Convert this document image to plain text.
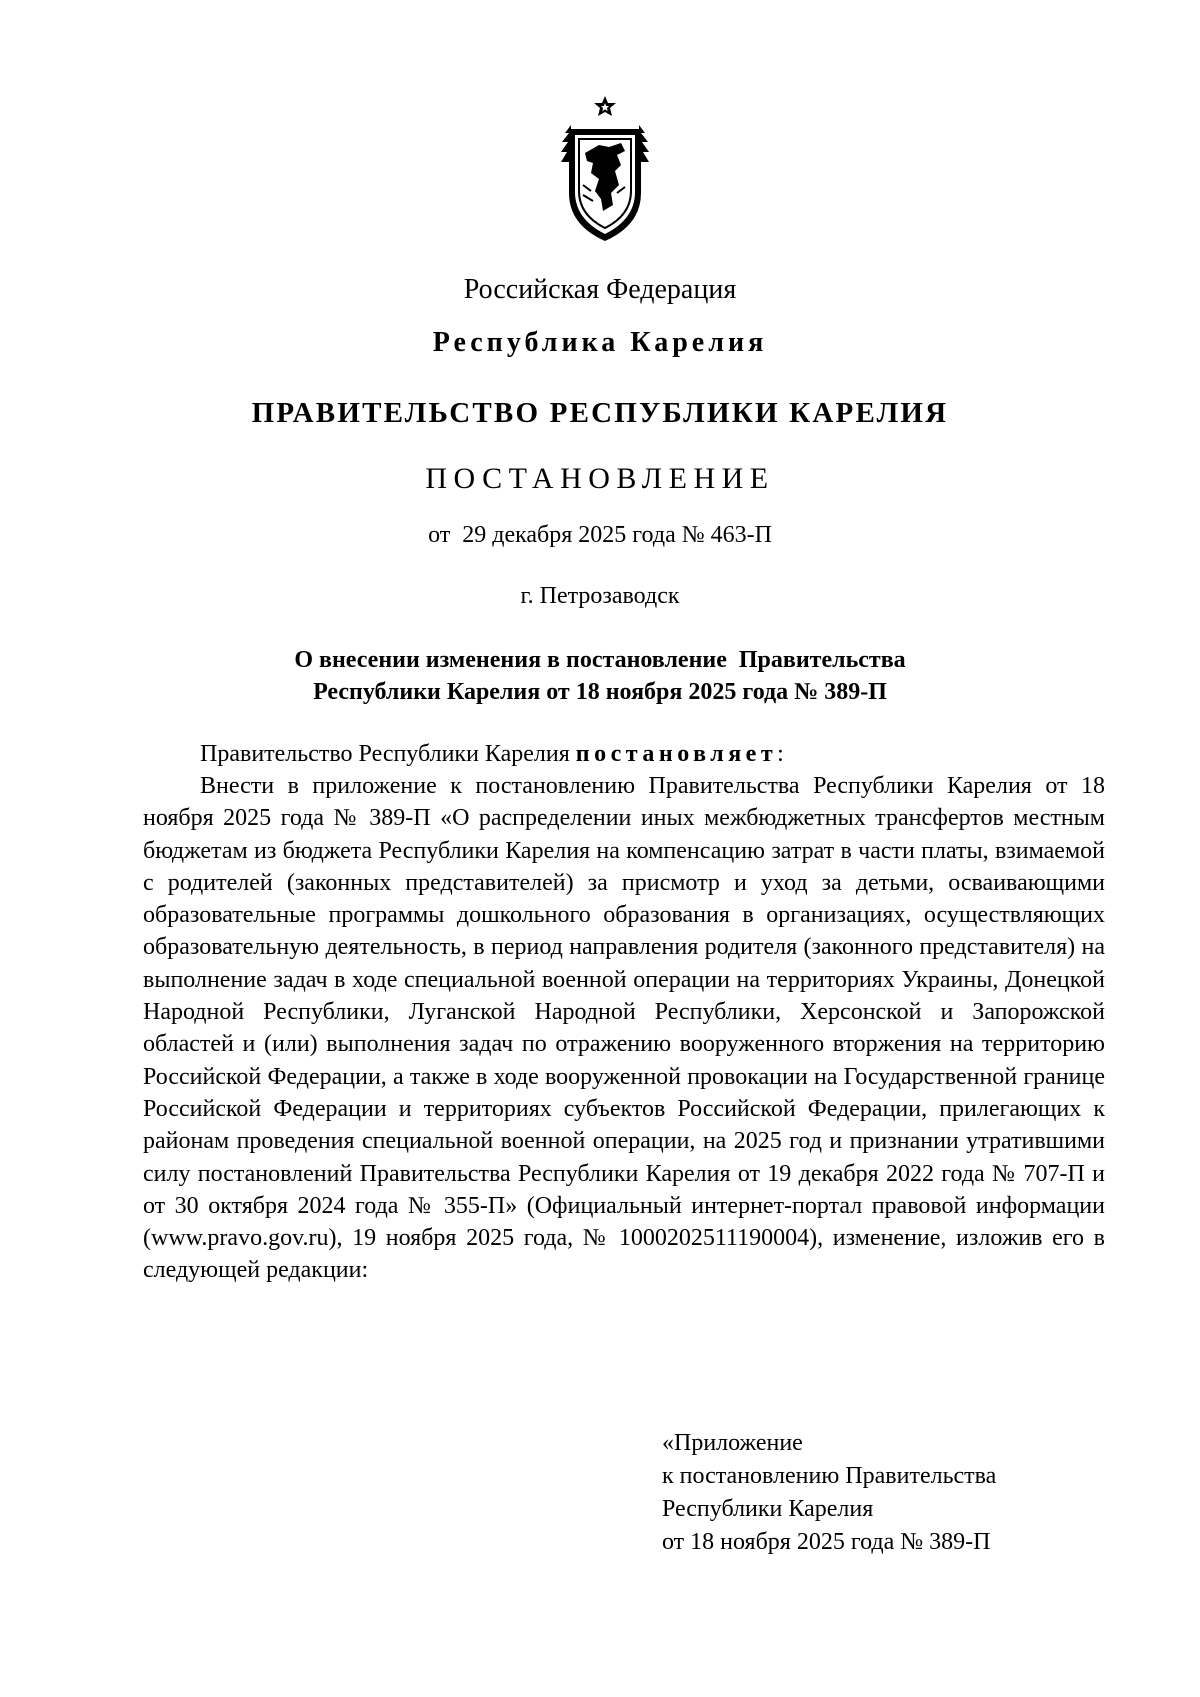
Российская Федерация
Республика Карелия
ПРАВИТЕЛЬСТВО РЕСПУБЛИКИ КАРЕЛИЯ
ПОСТАНОВЛЕНИЕ
от  29 декабря 2025 года № 463-П
г. Петрозаводск
О внесении изменения в постановление  Правительства
Республики Карелия от 18 ноября 2025 года № 389-П
Правительство Республики Карелия постановляет:
Внести в приложение к постановлению Правительства Республики Карелия от 18 ноября 2025 года № 389-П «О распределении иных межбюджетных трансфертов местным бюджетам из бюджета Республики Карелия на компенсацию затрат в части платы, взимаемой с родителей (законных представителей) за присмотр и уход за детьми, осваивающими образовательные программы дошкольного образования в организациях, осуществляющих образовательную деятельность, в период направления родителя (законного представителя) на выполнение задач в ходе специальной военной операции на территориях Украины, Донецкой Народной Республики, Луганской Народной Республики, Херсонской и Запорожской областей и (или) выполнения задач по отражению вооруженного вторжения на территорию Российской Федерации, а также в ходе вооруженной провокации на Государственной границе Российской Федерации и территориях субъектов Российской Федерации, прилегающих к районам проведения специальной военной операции, на 2025 год и признании утратившими силу постановлений Правительства Республики Карелия от 19 декабря 2022 года № 707-П и от 30 октября 2024 года № 355-П» (Официальный интернет-портал правовой информации (www.pravo.gov.ru), 19 ноября 2025 года, № 1000202511190004), изменение, изложив его в следующей редакции:
«Приложение
к постановлению Правительства
Республики Карелия
от 18 ноября 2025 года № 389-П
